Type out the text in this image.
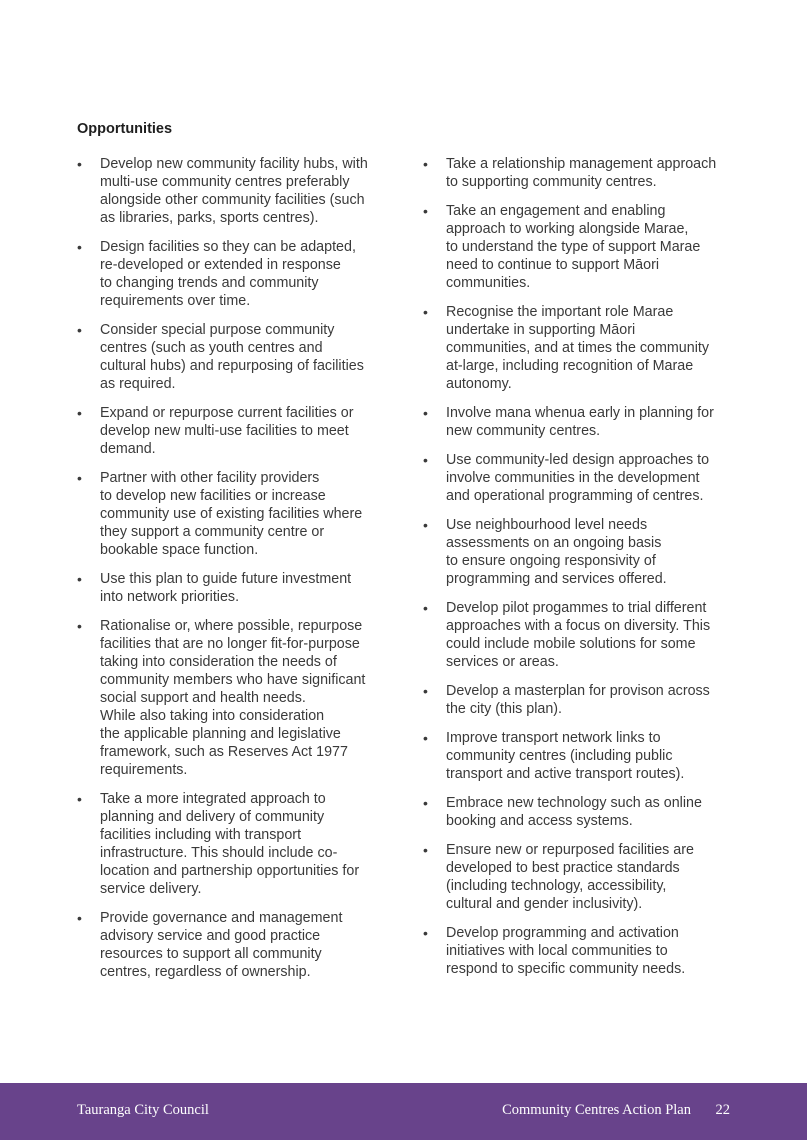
Opportunities
• Develop new community facility hubs, with
multi-use community centres preferably
alongside other community facilities (such
as libraries, parks, sports centres).
• Design facilities so they can be adapted,
re-developed or extended in response
to changing trends and community
requirements over time.
• Consider special purpose community
centres (such as youth centres and
cultural hubs) and repurposing of facilities
as required.
• Expand or repurpose current facilities or
develop new multi-use facilities to meet
demand.
• Partner with other facility providers
to develop new facilities or increase
community use of existing facilities where
they support a community centre or
bookable space function.
• Use this plan to guide future investment
into network priorities.
• Rationalise or, where possible, repurpose
facilities that are no longer fit-for-purpose
taking into consideration the needs of
community members who have significant
social support and health needs.
While also taking into consideration
the applicable planning and legislative
framework, such as Reserves Act 1977
requirements.
• Take a more integrated approach to
planning and delivery of community
facilities including with transport
infrastructure. This should include co-
location and partnership opportunities for
service delivery.
• Provide governance and management
advisory service and good practice
resources to support all community
centres, regardless of ownership.
• Take a relationship management approach
to supporting community centres.
• Take an engagement and enabling
approach to working alongside Marae,
to understand the type of support Marae
need to continue to support Māori
communities.
• Recognise the important role Marae
undertake in supporting Māori
communities, and at times the community
at-large, including recognition of Marae
autonomy.
• Involve mana whenua early in planning for
new community centres.
• Use community-led design approaches to
involve communities in the development
and operational programming of centres.
• Use neighbourhood level needs
assessments on an ongoing basis
to ensure ongoing responsivity of
programming and services offered.
• Develop pilot progammes to trial different
approaches with a focus on diversity. This
could include mobile solutions for some
services or areas.
• Develop a masterplan for provison across
the city (this plan).
• Improve transport network links to
community centres (including public
transport and active transport routes).
• Embrace new technology such as online
booking and access systems.
• Ensure new or repurposed facilities are
developed to best practice standards
(including technology, accessibility,
cultural and gender inclusivity).
• Develop programming and activation
initiatives with local communities to
respond to specific community needs.
Tauranga City Council	Community Centres Action Plan 22
